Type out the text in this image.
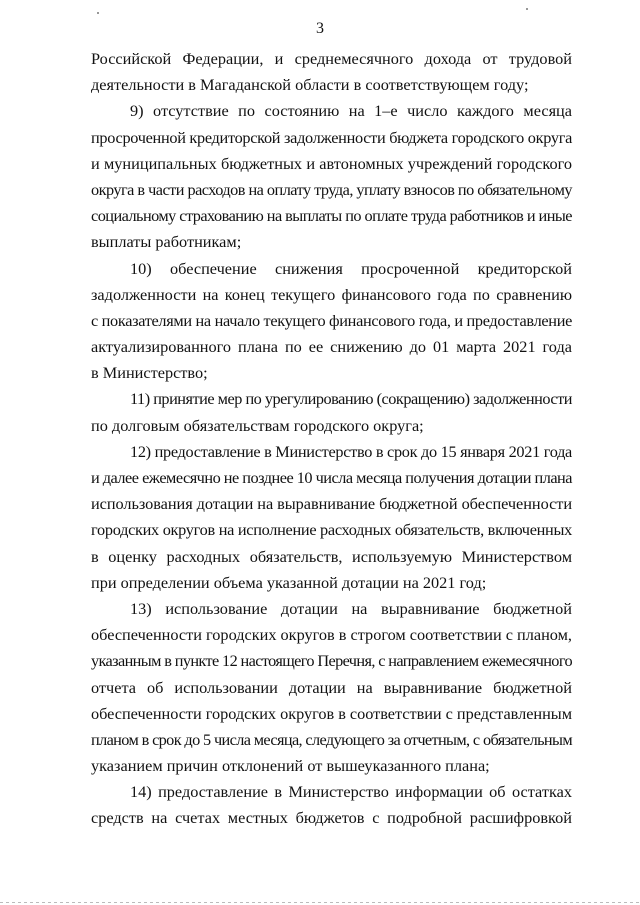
3
Российской Федерации, и среднемесячного дохода от трудовой
деятельности в Магаданской области в соответствующем году;
9) отсутствие по состоянию на 1–е число каждого месяца
просроченной кредиторской задолженности бюджета городского округа
и муниципальных бюджетных и автономных учреждений городского
округа в части расходов на оплату труда, уплату взносов по обязательному
социальному страхованию на выплаты по оплате труда работников и иные
выплаты работникам;
10) обеспечение снижения просроченной кредиторской
задолженности на конец текущего финансового года по сравнению
с показателями на начало текущего финансового года, и предоставление
актуализированного плана по ее снижению до 01 марта 2021 года
в Министерство;
11) принятие мер по урегулированию (сокращению) задолженности
по долговым обязательствам городского округа;
12) предоставление в Министерство в срок до 15 января 2021 года
и далее ежемесячно не позднее 10 числа месяца получения дотации плана
использования дотации на выравнивание бюджетной обеспеченности
городских округов на исполнение расходных обязательств, включенных
в оценку расходных обязательств, используемую Министерством
при определении объема указанной дотации на 2021 год;
13) использование дотации на выравнивание бюджетной
обеспеченности городских округов в строгом соответствии с планом,
указанным в пункте 12 настоящего Перечня, с направлением ежемесячного
отчета об использовании дотации на выравнивание бюджетной
обеспеченности городских округов в соответствии с представленным
планом в срок до 5 числа месяца, следующего за отчетным, с обязательным
указанием причин отклонений от вышеуказанного плана;
14) предоставление в Министерство информации об остатках
средств на счетах местных бюджетов с подробной расшифровкой
